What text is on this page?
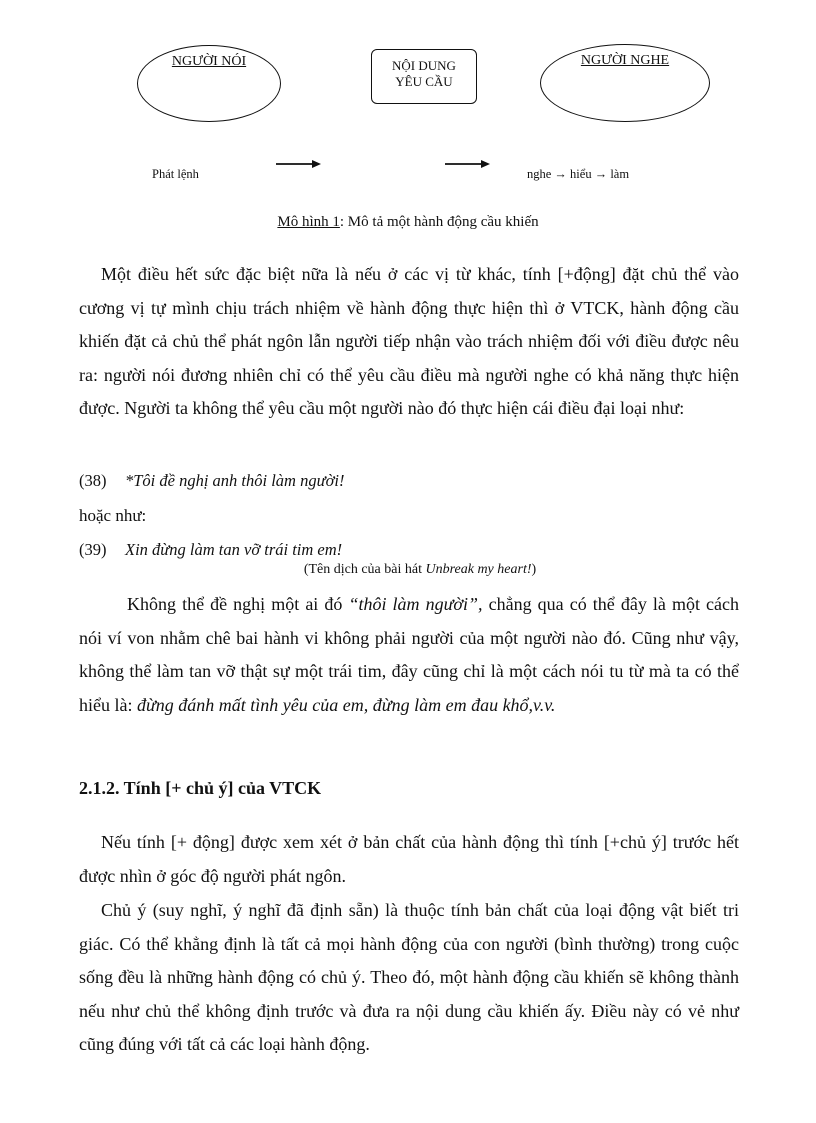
NGƯỜI NÓI	NỘI DUNG
YÊU CẦU
NGƯỜI NGHE
Phát lệnh	nghe → hiểu → làm
Mô hình 1: Mô tả một hành động cầu khiến
Một điều hết sức đặc biệt nữa là nếu ở các vị từ khác, tính [+động] đặt chủ thể vào cương vị tự mình chịu trách nhiệm về hành động thực hiện thì ở VTCK, hành động cầu khiến đặt cả chủ thể phát ngôn lẫn người tiếp nhận vào trách nhiệm đối với điều được nêu ra: người nói đương nhiên chỉ có thể yêu cầu điều mà người nghe có khả năng thực hiện được. Người ta không thể yêu cầu một người nào đó thực hiện cái điều đại loại như:
(38) *Tôi đề nghị anh thôi làm người!
hoặc như:
(39) Xin đừng làm tan vỡ trái tim em!
(Tên dịch của bài hát Unbreak my heart!)
Không thể đề nghị một ai đó “thôi làm người”, chẳng qua có thể đây là một cách nói ví von nhằm chê bai hành vi không phải người của một người nào đó. Cũng như vậy, không thể làm tan vỡ thật sự một trái tim, đây cũng chỉ là một cách nói tu từ mà ta có thể hiểu là: đừng đánh mất tình yêu của em, đừng làm em đau khổ,v.v.
2.1.2. Tính [+ chủ ý] của VTCK
Nếu tính [+ động] được xem xét ở bản chất của hành động thì tính [+chủ ý] trước hết được nhìn ở góc độ người phát ngôn.
Chủ ý (suy nghĩ, ý nghĩ đã định sẵn) là thuộc tính bản chất của loại động vật biết tri giác. Có thể khẳng định là tất cả mọi hành động của con người (bình thường) trong cuộc sống đều là những hành động có chủ ý. Theo đó, một hành động cầu khiến sẽ không thành nếu như chủ thể không định trước và đưa ra nội dung cầu khiến ấy. Điều này có vẻ như cũng đúng với tất cả các loại hành động.
